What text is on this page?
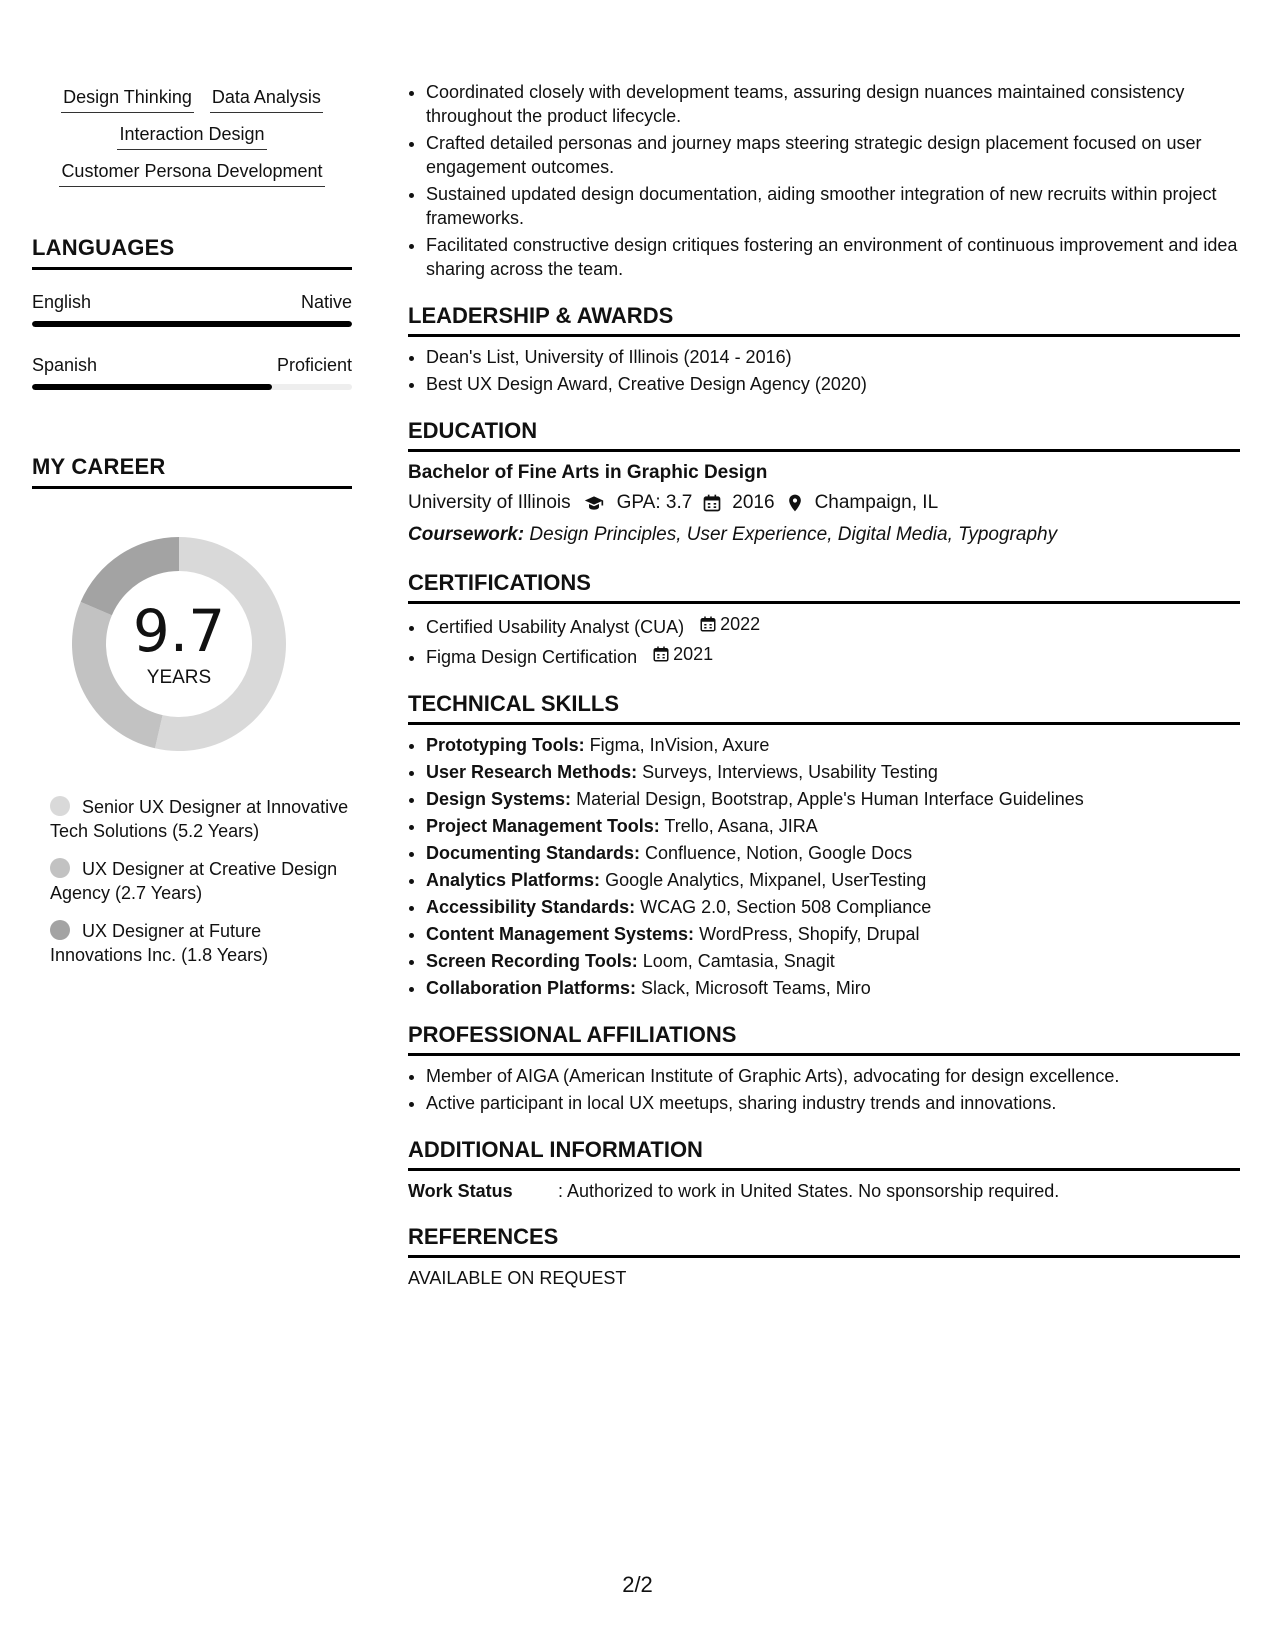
Design Thinking Data Analysis
Interaction Design
Customer Persona Development
LANGUAGES
English	Native
Spanish	Proficient
MY CAREER
9.7
YEARS
Senior UX Designer at Innovative Tech Solutions (5.2 Years)
UX Designer at Creative Design Agency (2.7 Years)
UX Designer at Future Innovations Inc. (1.8 Years)
• Coordinated closely with development teams, assuring design nuances maintained consistency throughout the product lifecycle.
• Crafted detailed personas and journey maps steering strategic design placement focused on user engagement outcomes.
• Sustained updated design documentation, aiding smoother integration of new recruits within project frameworks.
• Facilitated constructive design critiques fostering an environment of continuous improvement and idea sharing across the team.
LEADERSHIP & AWARDS
• Dean's List, University of Illinois (2014 - 2016)
• Best UX Design Award, Creative Design Agency (2020)
EDUCATION
Bachelor of Fine Arts in Graphic Design
University of Illinois GPA: 3.7 2016 Champaign, IL
Coursework: Design Principles, User Experience, Digital Media, Typography
CERTIFICATIONS
• Certified Usability Analyst (CUA) 2022
• Figma Design Certification 2021
TECHNICAL SKILLS
• Prototyping Tools: Figma, InVision, Axure
• User Research Methods: Surveys, Interviews, Usability Testing
• Design Systems: Material Design, Bootstrap, Apple's Human Interface Guidelines
• Project Management Tools: Trello, Asana, JIRA
• Documenting Standards: Confluence, Notion, Google Docs
• Analytics Platforms: Google Analytics, Mixpanel, UserTesting
• Accessibility Standards: WCAG 2.0, Section 508 Compliance
• Content Management Systems: WordPress, Shopify, Drupal
• Screen Recording Tools: Loom, Camtasia, Snagit
• Collaboration Platforms: Slack, Microsoft Teams, Miro
PROFESSIONAL AFFILIATIONS
• Member of AIGA (American Institute of Graphic Arts), advocating for design excellence.
• Active participant in local UX meetups, sharing industry trends and innovations.
ADDITIONAL INFORMATION
Work Status	: Authorized to work in United States. No sponsorship required.
REFERENCES
AVAILABLE ON REQUEST
2/2
